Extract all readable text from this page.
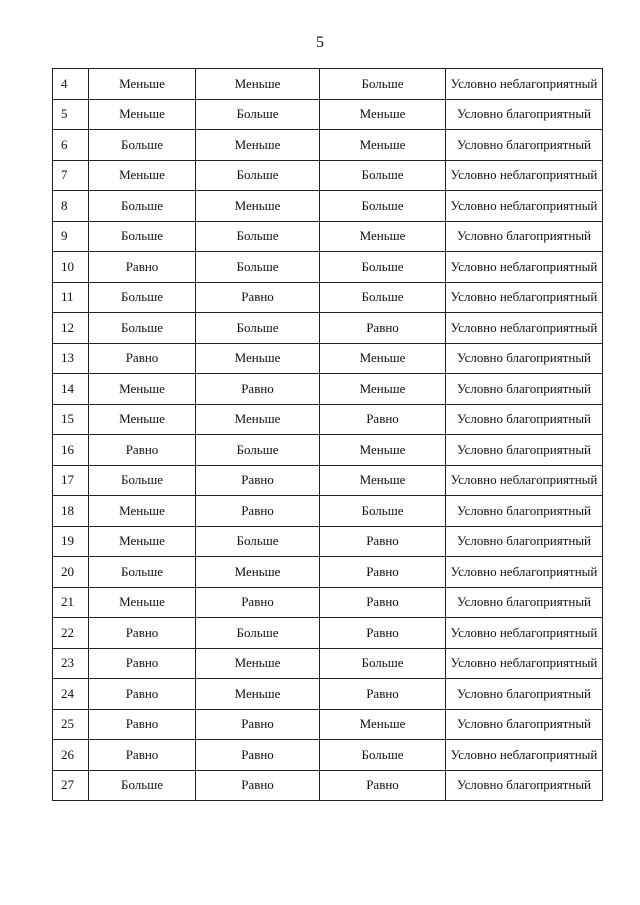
5
4	Меньше	Меньше	Больше	Условно неблагоприятный
5	Меньше	Больше	Меньше	Условно благоприятный
6	Больше	Меньше	Меньше	Условно благоприятный
7	Меньше	Больше	Больше	Условно неблагоприятный
8	Больше	Меньше	Больше	Условно неблагоприятный
9	Больше	Больше	Меньше	Условно благоприятный
10	Равно	Больше	Больше	Условно неблагоприятный
11	Больше	Равно	Больше	Условно неблагоприятный
12	Больше	Больше	Равно	Условно неблагоприятный
13	Равно	Меньше	Меньше	Условно благоприятный
14	Меньше	Равно	Меньше	Условно благоприятный
15	Меньше	Меньше	Равно	Условно благоприятный
16	Равно	Больше	Меньше	Условно благоприятный
17	Больше	Равно	Меньше	Условно неблагоприятный
18	Меньше	Равно	Больше	Условно благоприятный
19	Меньше	Больше	Равно	Условно благоприятный
20	Больше	Меньше	Равно	Условно неблагоприятный
21	Меньше	Равно	Равно	Условно благоприятный
22	Равно	Больше	Равно	Условно неблагоприятный
23	Равно	Меньше	Больше	Условно неблагоприятный
24	Равно	Меньше	Равно	Условно благоприятный
25	Равно	Равно	Меньше	Условно благоприятный
26	Равно	Равно	Больше	Условно неблагоприятный
27	Больше	Равно	Равно	Условно благоприятный
